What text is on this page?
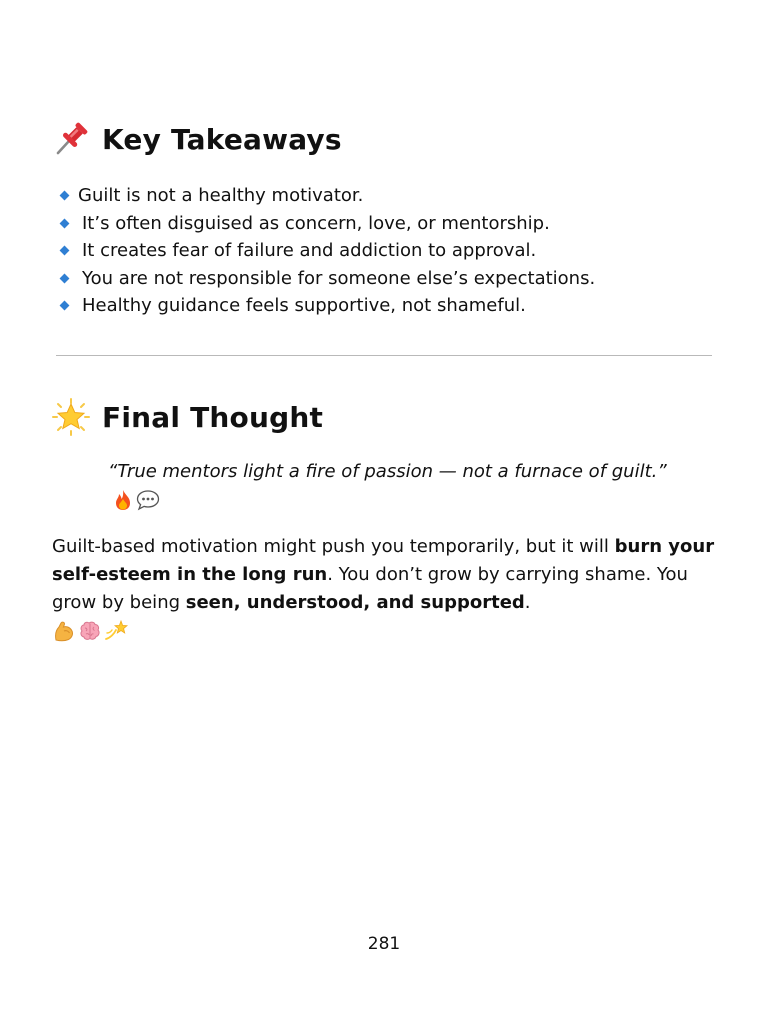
Key Takeaways
Guilt is not a healthy motivator.
It’s often disguised as concern, love, or mentorship.
It creates fear of failure and addiction to approval.
You are not responsible for someone else’s expectations.
Healthy guidance feels supportive, not shameful.
Final Thought
“True mentors light a fire of passion — not a furnace of guilt.”
Guilt-based motivation might push you temporarily, but it will burn your self-esteem in the long run. You don’t grow by carrying shame. You grow by being seen, understood, and supported.
281
